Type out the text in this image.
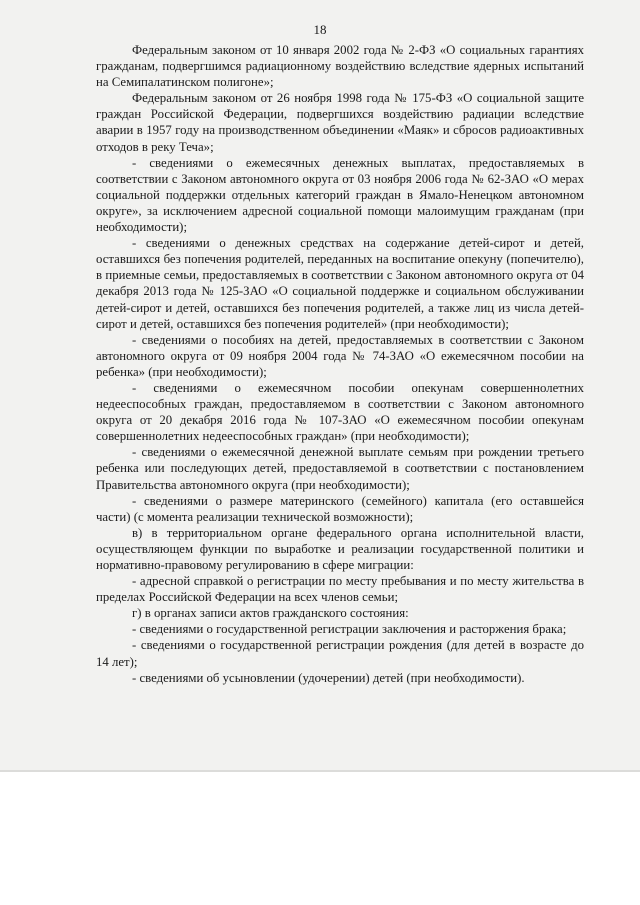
18

Федеральным законом от 10 января 2002 года № 2-ФЗ «О социальных гарантиях гражданам, подвергшимся радиационному воздействию вследствие ядерных испытаний на Семипалатинском полигоне»;

Федеральным законом от 26 ноября 1998 года № 175-ФЗ «О социальной защите граждан Российской Федерации, подвергшихся воздействию радиации вследствие аварии в 1957 году на производственном объединении «Маяк» и сбросов радиоактивных отходов в реку Теча»;

- сведениями о ежемесячных денежных выплатах, предоставляемых в соответствии с Законом автономного округа от 03 ноября 2006 года № 62-ЗАО «О мерах социальной поддержки отдельных категорий граждан в Ямало-Ненецком автономном округе», за исключением адресной социальной помощи малоимущим гражданам (при необходимости);

- сведениями о денежных средствах на содержание детей-сирот и детей, оставшихся без попечения родителей, переданных на воспитание опекуну (попечителю), в приемные семьи, предоставляемых в соответствии с Законом автономного округа от 04 декабря 2013 года № 125-ЗАО «О социальной поддержке и социальном обслуживании детей-сирот и детей, оставшихся без попечения родителей, а также лиц из числа детей-сирот и детей, оставшихся без попечения родителей» (при необходимости);

- сведениями о пособиях на детей, предоставляемых в соответствии с Законом автономного округа от 09 ноября 2004 года № 74-ЗАО «О ежемесячном пособии на ребенка» (при необходимости);

- сведениями о ежемесячном пособии опекунам совершеннолетних недееспособных граждан, предоставляемом в соответствии с Законом автономного округа от 20 декабря 2016 года № 107-ЗАО «О ежемесячном пособии опекунам совершеннолетних недееспособных граждан» (при необходимости);

- сведениями о ежемесячной денежной выплате семьям при рождении третьего ребенка или последующих детей, предоставляемой в соответствии с постановлением Правительства автономного округа (при необходимости);

- сведениями о размере материнского (семейного) капитала (его оставшейся части) (с момента реализации технической возможности);

в) в территориальном органе федерального органа исполнительной власти, осуществляющем функции по выработке и реализации государственной политики и нормативно-правовому регулированию в сфере миграции:

- адресной справкой о регистрации по месту пребывания и по месту жительства в пределах Российской Федерации на всех членов семьи;

г) в органах записи актов гражданского состояния:

- сведениями о государственной регистрации заключения и расторжения брака;

- сведениями о государственной регистрации рождения (для детей в возрасте до 14 лет);

- сведениями об усыновлении (удочерении) детей (при необходимости).
